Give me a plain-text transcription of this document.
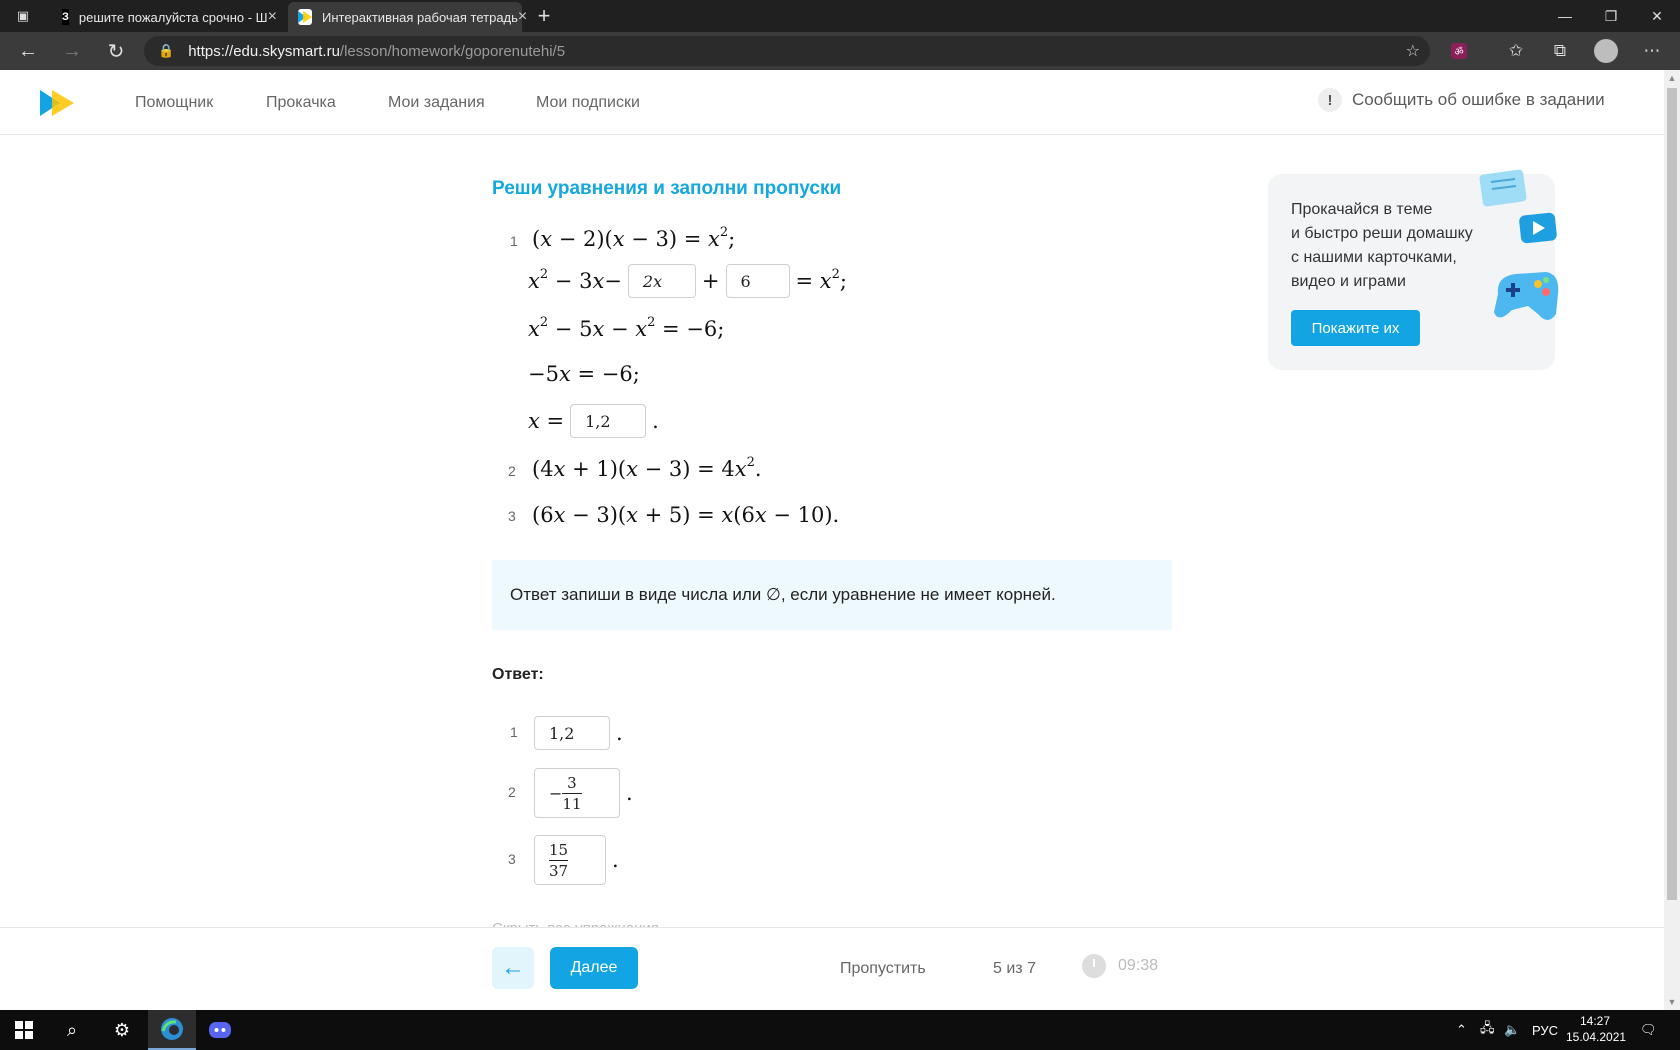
▣	З решите пожалуйста срочно - Ш ×	Интерактивная рабочая тетрадь × +	—	❐	✕
←	→	↻	🔒 https://edu.skysmart.ru /lesson/homework/goporenutehi/5	☆	ॐ	✩	⧉	⋯
Помощник	Прокачка	Мои задания	Мои подписки	!	Сообщить об ошибке в задании
Реши уравнения и заполни пропуски
1 ( x − 2)( x − 3) = x 2 ;
x 2 − 3 x − 2x +	6	= x 2 ;
x 2 − 5 x − x 2 = −6;
−5 x = −6;
x =	1,2	.
2 (4 x + 1)( x − 3) = 4 x 2 .
3 (6 x − 3)( x + 5) = x (6 x − 10).
Ответ запиши в виде числа или ∅, если уравнение не имеет корней.
Ответ:
1	1,2	.
$2 - \frac{3}{11}$ .
$3 \frac{15}{37}$ .
Прокачайся в теме
и быстро реши домашку
с нашими карточками,
видео и играми
Покажите их
←	Далее	Пропустить	5 из 7	09:38
▲
▼
⌕	⚙	⌃ 🖧 🔈 РУС
14:27
15.04.2021 🗨
